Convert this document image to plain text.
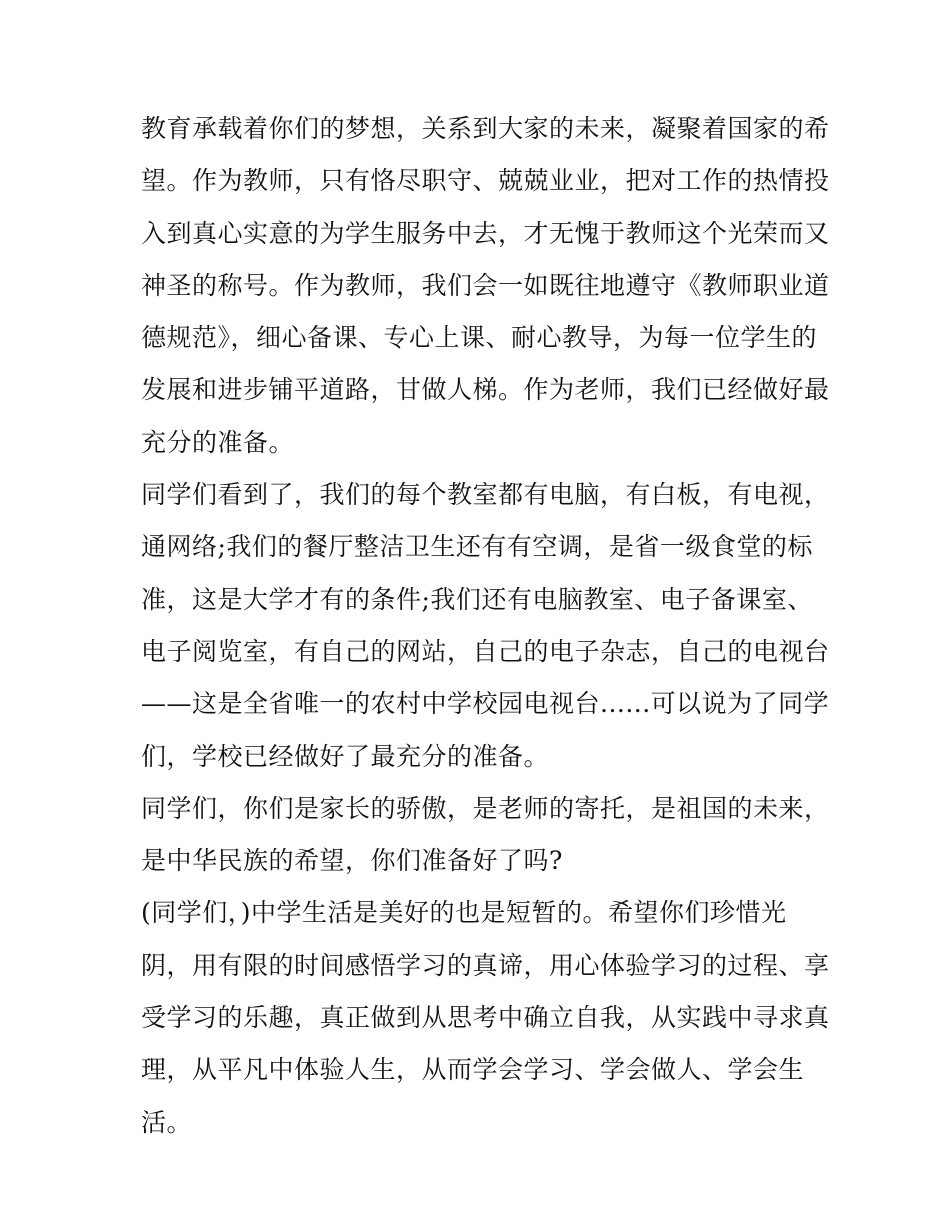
教育承载着你们的梦想，关系到大家的未来，凝聚着国家的希
望。作为教师，只有恪尽职守、兢兢业业，把对工作的热情投
入到真心实意的为学生服务中去，才无愧于教师这个光荣而又
神圣的称号。作为教师，我们会一如既往地遵守《教师职业道
德规范》，细心备课、专心上课、耐心教导，为每一位学生的
发展和进步铺平道路，甘做人梯。作为老师，我们已经做好最
充分的准备。
同学们看到了，我们的每个教室都有电脑，有白板，有电视，
通网络;我们的餐厅整洁卫生还有有空调，是省一级食堂的标
准，这是大学才有的条件;我们还有电脑教室、电子备课室、
电子阅览室，有自己的网站，自己的电子杂志，自己的电视台
——这是全省唯一的农村中学校园电视台......可以说为了同学
们，学校已经做好了最充分的准备。
同学们，你们是家长的骄傲，是老师的寄托，是祖国的未来，
是中华民族的希望，你们准备好了吗?
(同学们，)中学生活是美好的也是短暂的。希望你们珍惜光
阴，用有限的时间感悟学习的真谛，用心体验学习的过程、享
受学习的乐趣，真正做到从思考中确立自我，从实践中寻求真
理，从平凡中体验人生，从而学会学习、学会做人、学会生
活。
